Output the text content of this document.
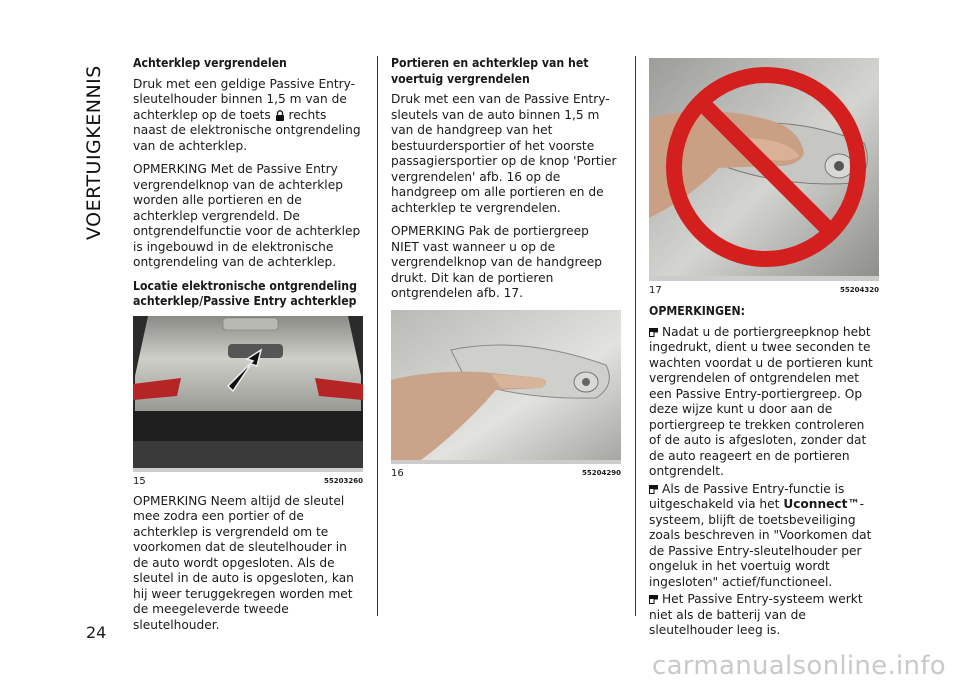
VOERTUIGKENNIS
24
Achterklep vergrendelen

Druk met een geldige Passive Entry-sleutelhouder binnen 1,5 m van de achterklep op de toets rechts naast de elektronische ontgrendeling van de achterklep.

OPMERKING Met de Passive Entry vergrendelknop van de achterklep worden alle portieren en de achterklep vergrendeld. De ontgrendelfunctie voor de achterklep is ingebouwd in de elektronische ontgrendeling van de achterklep.

Locatie elektronische ontgrendeling achterklep/Passive Entry achterklep
15	55203260

OPMERKING Neem altijd de sleutel mee zodra een portier of de achterklep is vergrendeld om te voorkomen dat de sleutelhouder in de auto wordt opgesloten. Als de sleutel in de auto is opgesloten, kan hij weer teruggekregen worden met de meegeleverde tweede sleutelhouder.

Portieren en achterklep van het voertuig vergrendelen

Druk met een van de Passive Entry-sleutels van de auto binnen 1,5 m van de handgreep van het bestuurdersportier of het voorste passagiersportier op de knop 'Portier vergrendelen' afb. 16 op de handgreep om alle portieren en de achterklep te vergrendelen.

OPMERKING Pak de portiergreep NIET vast wanneer u op de vergrendelknop van de handgreep drukt. Dit kan de portieren ontgrendelen afb. 17.

16	55204290
17	55204320
OPMERKINGEN:

Nadat u de portiergreepknop hebt ingedrukt, dient u twee seconden te wachten voordat u de portieren kunt vergrendelen of ontgrendelen met een Passive Entry-portiergreep. Op deze wijze kunt u door aan de portiergreep te trekken controleren of de auto is afgesloten, zonder dat de auto reageert en de portieren ontgrendelt.

Als de Passive Entry-functie is uitgeschakeld via het Uconnect™-systeem, blijft de toetsbeveiliging zoals beschreven in "Voorkomen dat de Passive Entry-sleutelhouder per ongeluk in het voertuig wordt ingesloten" actief/functioneel.

Het Passive Entry-systeem werkt niet als de batterij van de sleutelhouder leeg is.

carmanualsonline.info
